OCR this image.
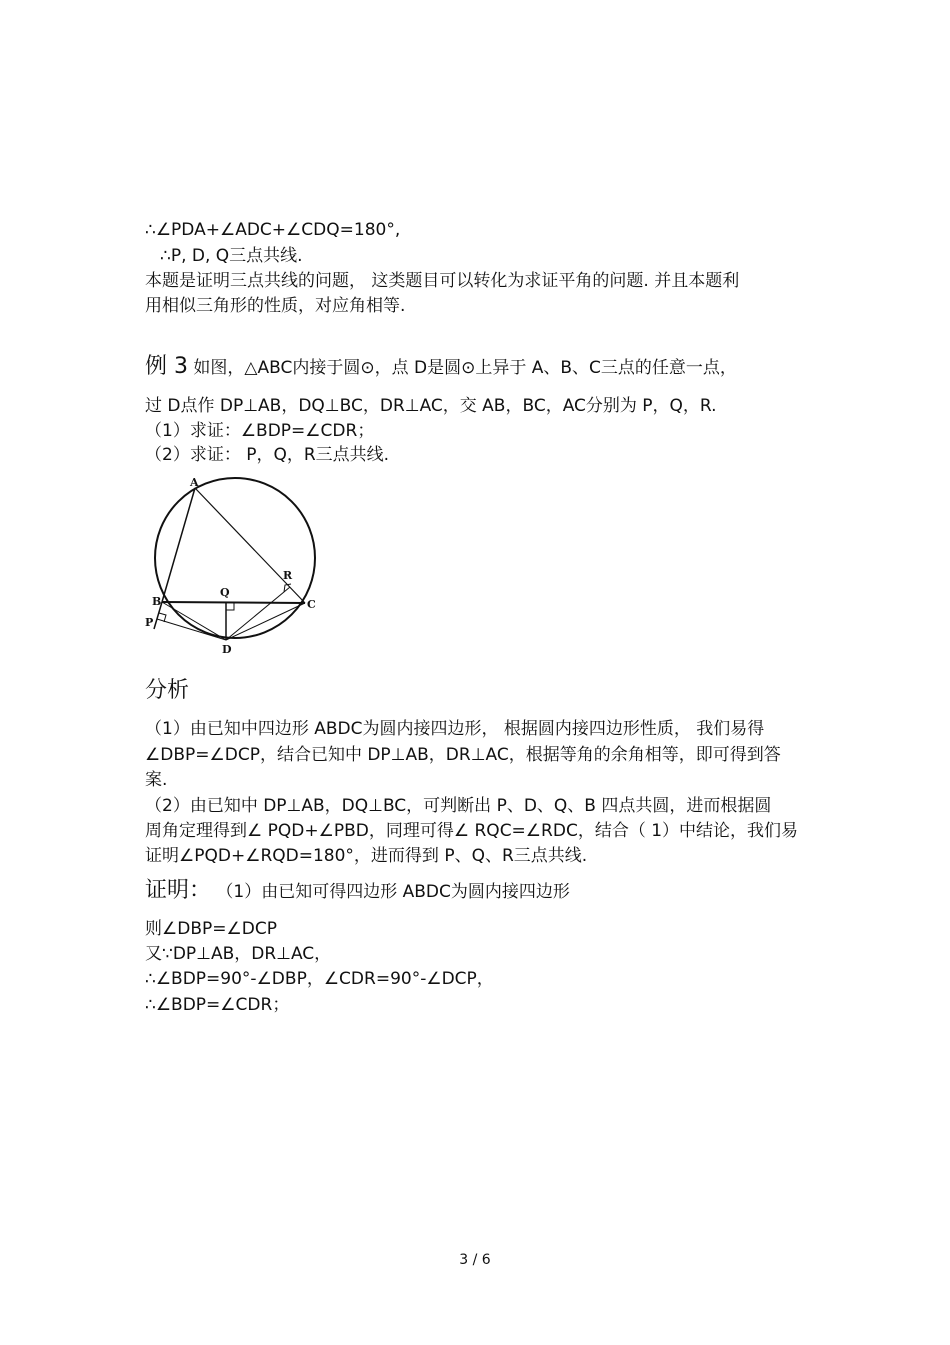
∴∠PDA+∠ADC+∠CDQ=180°,
∴P, D, Q三点共线.
本题是证明三点共线的问题， 这类题目可以转化为求证平角的问题. 并且本题利
用相似三角形的性质，对应角相等.
例 3 如图，△ABC内接于圆⊙，点 D是圆⊙上异于 A、B、C三点的任意一点，
过 D点作 DP⊥AB，DQ⊥BC，DR⊥AC，交 AB，BC，AC分别为 P，Q，R.
（1）求证：∠BDP=∠CDR；
（2）求证： P，Q，R三点共线.
A
B	C
D
P
Q
R
分析
（1）由已知中四边形 ABDC为圆内接四边形， 根据圆内接四边形性质， 我们易得
∠DBP=∠DCP，结合已知中 DP⊥AB，DR⊥AC，根据等角的余角相等，即可得到答
案.
（2）由已知中 DP⊥AB，DQ⊥BC，可判断出 P、D、Q、B 四点共圆，进而根据圆
周角定理得到∠ PQD+∠PBD，同理可得∠ RQC=∠RDC，结合（ 1）中结论，我们易
证明∠PQD+∠RQD=180°，进而得到 P、Q、R三点共线.
证明： （1）由已知可得四边形 ABDC为圆内接四边形
则∠DBP=∠DCP
又∵DP⊥AB，DR⊥AC，
∴∠BDP=90°-∠DBP，∠CDR=90°-∠DCP，
∴∠BDP=∠CDR；
3 / 6
